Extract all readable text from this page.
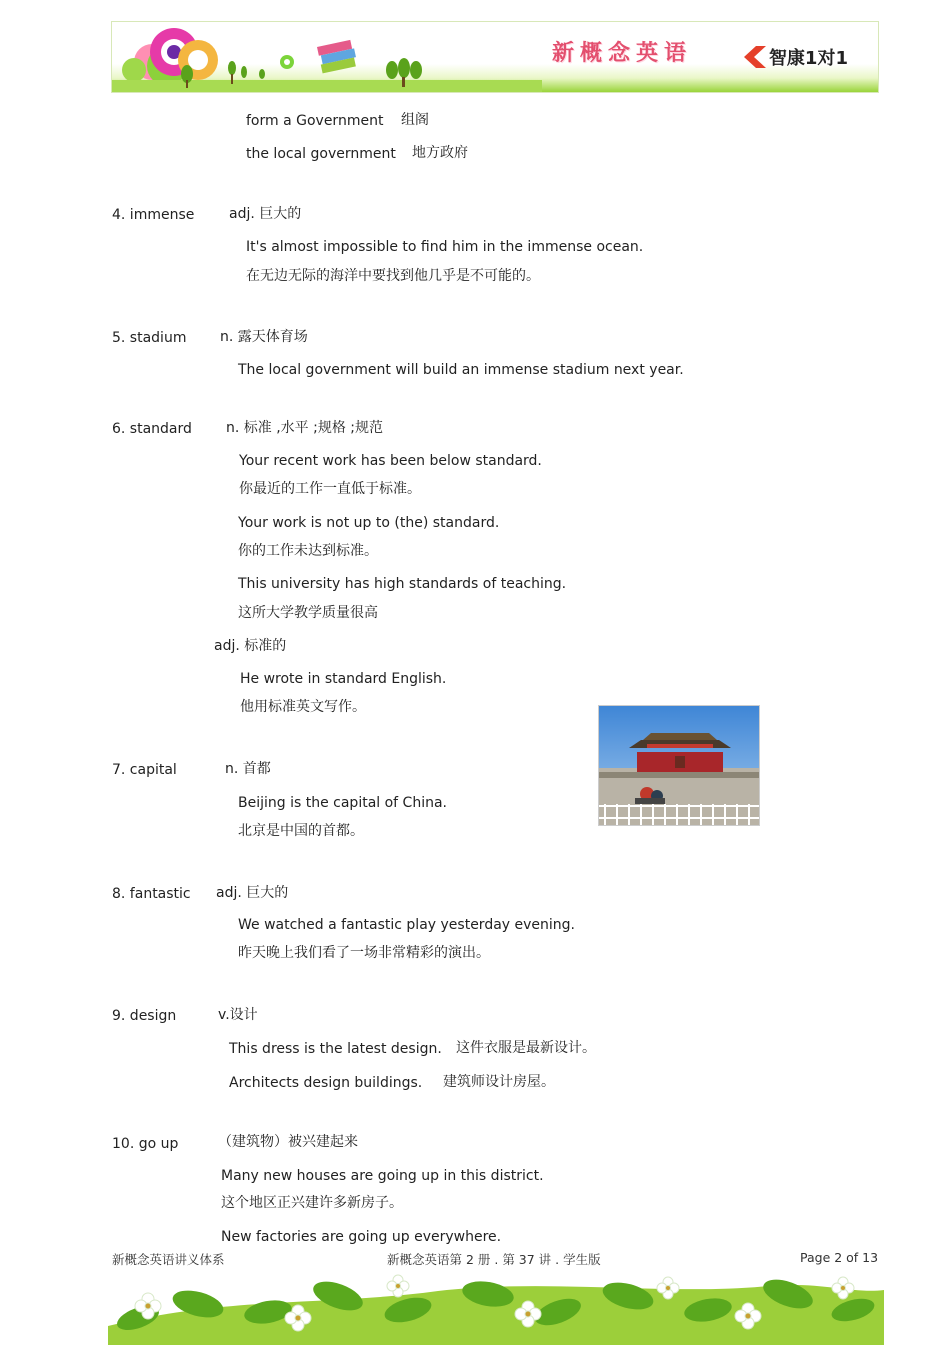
新概念英语	智康1对1
form a Government 组阁
the local government 地方政府
4. immense adj. 巨大的
It's almost impossible to find him in the immense ocean.
在无边无际的海洋中要找到他几乎是不可能的。
5. stadium n. 露天体育场
The local government will build an immense stadium next year.
6. standard n. 标准 ,水平 ;规格 ;规范
Your recent work has been below standard.
你最近的工作一直低于标准。
Your work is not up to (the) standard.
你的工作未达到标准。
This university has high standards of teaching.
这所大学教学质量很高
adj. 标准的
He wrote in standard English.
他用标准英文写作。
7. capital	n. 首都
Beijing is the capital of China.
北京是中国的首都。
8. fantastic adj. 巨大的
We watched a fantastic play yesterday evening.
昨天晚上我们看了一场非常精彩的演出。
9. design	v.设计
This dress is the latest design. 这件衣服是最新设计。
Architects design buildings. 建筑师设计房屋。
10. go up	（建筑物）被兴建起来
Many new houses are going up in this district.
这个地区正兴建许多新房子。
New factories are going up everywhere.
新概念英语讲义体系	新概念英语第 2 册 . 第 37 讲 . 学生版	Page 2 of 13
